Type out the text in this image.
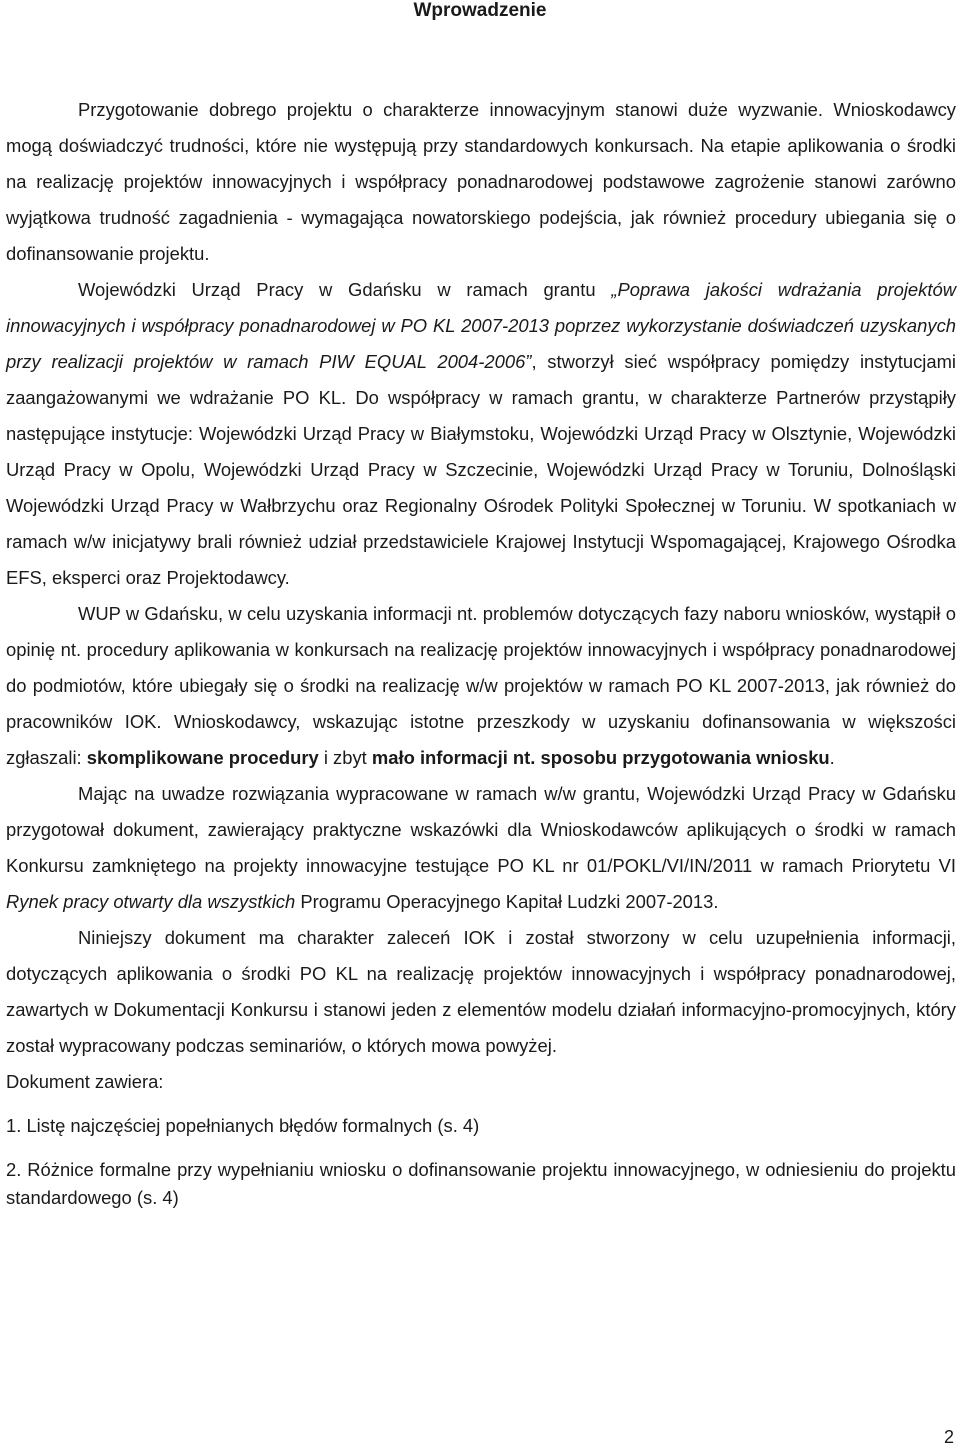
Wprowadzenie

Przygotowanie dobrego projektu o charakterze innowacyjnym stanowi duże wyzwanie. Wnioskodawcy mogą doświadczyć trudności, które nie występują przy standardowych konkursach. Na etapie aplikowania o środki na realizację projektów innowacyjnych i współpracy ponadnarodowej podstawowe zagrożenie stanowi zarówno wyjątkowa trudność zagadnienia - wymagająca nowatorskiego podejścia, jak również procedury ubiegania się o dofinansowanie projektu.

Wojewódzki Urząd Pracy w Gdańsku w ramach grantu „Poprawa jakości wdrażania projektów innowacyjnych i współpracy ponadnarodowej w PO KL 2007-2013 poprzez wykorzystanie doświadczeń uzyskanych przy realizacji projektów w ramach PIW EQUAL 2004-2006”, stworzył sieć współpracy pomiędzy instytucjami zaangażowanymi we wdrażanie PO KL. Do współpracy w ramach grantu, w charakterze Partnerów przystąpiły następujące instytucje: Wojewódzki Urząd Pracy w Białymstoku, Wojewódzki Urząd Pracy w Olsztynie, Wojewódzki Urząd Pracy w Opolu, Wojewódzki Urząd Pracy w Szczecinie, Wojewódzki Urząd Pracy w Toruniu, Dolnośląski Wojewódzki Urząd Pracy w Wałbrzychu oraz Regionalny Ośrodek Polityki Społecznej w Toruniu. W spotkaniach w ramach w/w inicjatywy brali również udział przedstawiciele Krajowej Instytucji Wspomagającej, Krajowego Ośrodka EFS, eksperci oraz Projektodawcy.

WUP w Gdańsku, w celu uzyskania informacji nt. problemów dotyczących fazy naboru wniosków, wystąpił o opinię nt. procedury aplikowania w konkursach na realizację projektów innowacyjnych i współpracy ponadnarodowej do podmiotów, które ubiegały się o środki na realizację w/w projektów w ramach PO KL 2007-2013, jak również do pracowników IOK. Wnioskodawcy, wskazując istotne przeszkody w uzyskaniu dofinansowania w większości zgłaszali: skomplikowane procedury i zbyt mało informacji nt. sposobu przygotowania wniosku.

Mając na uwadze rozwiązania wypracowane w ramach w/w grantu, Wojewódzki Urząd Pracy w Gdańsku przygotował dokument, zawierający praktyczne wskazówki dla Wnioskodawców aplikujących o środki w ramach Konkursu zamkniętego na projekty innowacyjne testujące PO KL nr 01/POKL/VI/IN/2011 w ramach Priorytetu VI Rynek pracy otwarty dla wszystkich Programu Operacyjnego Kapitał Ludzki 2007-2013.

Niniejszy dokument ma charakter zaleceń IOK i został stworzony w celu uzupełnienia informacji, dotyczących aplikowania o środki PO KL na realizację projektów innowacyjnych i współpracy ponadnarodowej, zawartych w Dokumentacji Konkursu i stanowi jeden z elementów modelu działań informacyjno-promocyjnych, który został wypracowany podczas seminariów, o których mowa powyżej.

Dokument zawiera:

1. Listę najczęściej popełnianych błędów formalnych (s. 4)

2. Różnice formalne przy wypełnianiu wniosku o dofinansowanie projektu innowacyjnego, w odniesieniu do projektu standardowego (s. 4)

2
